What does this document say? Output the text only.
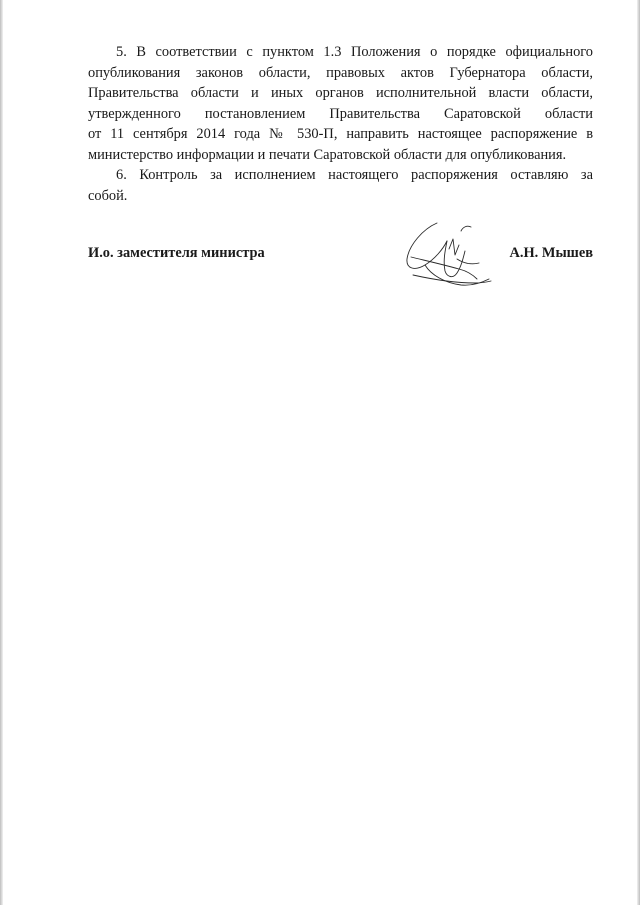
5. В соответствии с пунктом 1.3 Положения о порядке официального
опубликования законов области, правовых актов Губернатора области,
Правительства области и иных органов исполнительной власти области,
утвержденного постановлением Правительства Саратовской области
от 11 сентября 2014 года № 530-П, направить настоящее распоряжение в
министерство информации и печати Саратовской области для опубликования.

6. Контроль за исполнением настоящего распоряжения оставляю за
собой.

И.о. заместителя министра	А.Н. Мышев
